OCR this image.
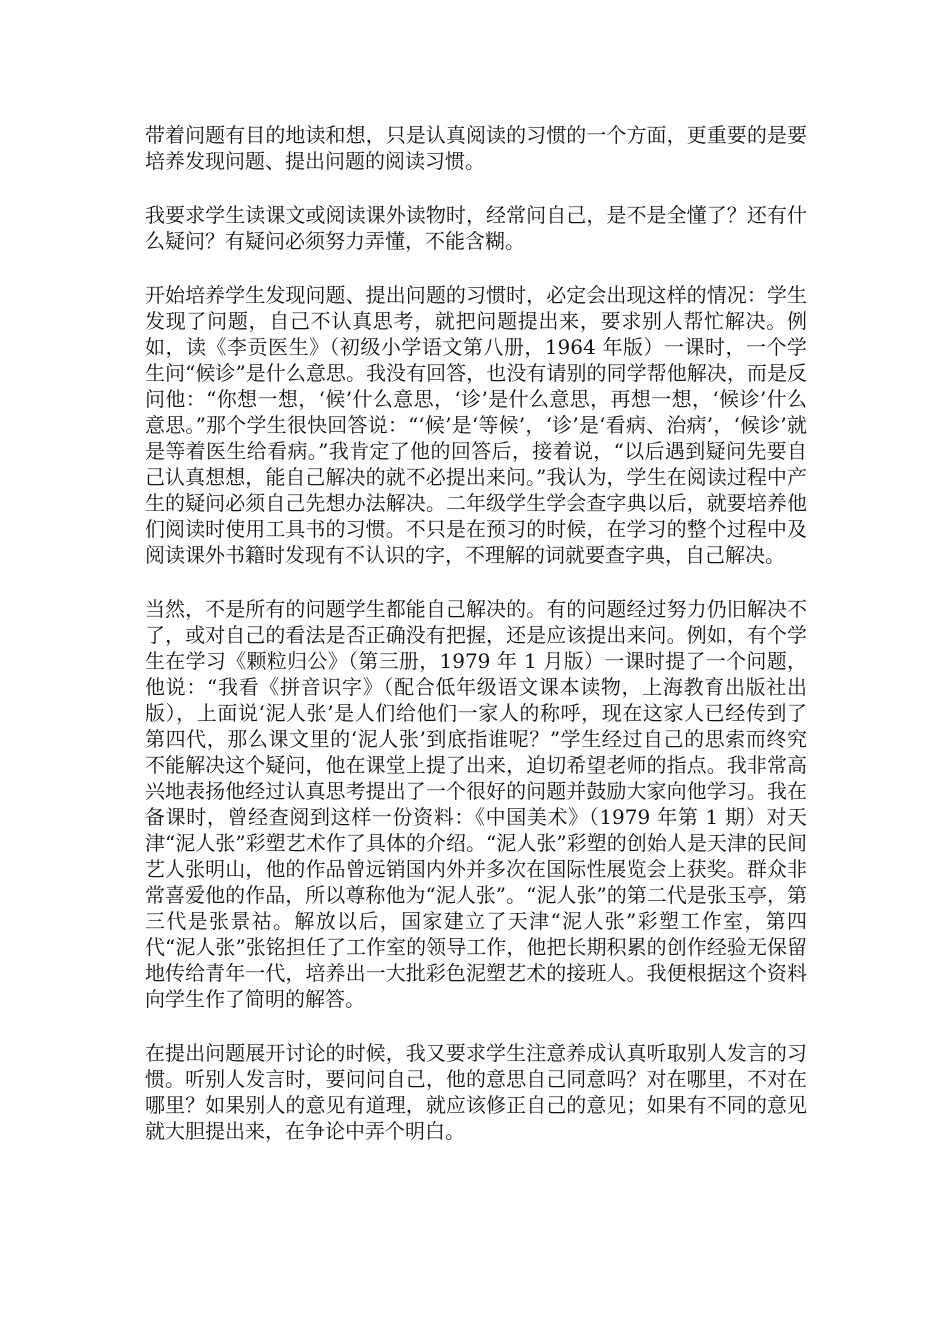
带着问题有目的地读和想，只是认真阅读的习惯的一个方面，更重要的是要培养发现问题、提出问题的阅读习惯。

我要求学生读课文或阅读课外读物时，经常问自己，是不是全懂了？还有什么疑问？有疑问必须努力弄懂，不能含糊。

开始培养学生发现问题、提出问题的习惯时，必定会出现这样的情况：学生发现了问题，自己不认真思考，就把问题提出来，要求别人帮忙解决。例如，读《李贡医生》（初级小学语文第八册，1964 年版）一课时，一个学生问“候诊”是什么意思。我没有回答，也没有请别的同学帮他解决，而是反问他：“你想一想，‘候’什么意思，‘诊’是什么意思，再想一想，‘候诊’什么意思。”那个学生很快回答说：“‘候’是‘等候’，‘诊’是‘看病、治病’，‘候诊’就是等着医生给看病。”我肯定了他的回答后，接着说，“以后遇到疑问先要自己认真想想，能自己解决的就不必提出来问。”我认为，学生在阅读过程中产生的疑问必须自己先想办法解决。二年级学生学会查字典以后，就要培养他们阅读时使用工具书的习惯。不只是在预习的时候，在学习的整个过程中及阅读课外书籍时发现有不认识的字，不理解的词就要查字典，自己解决。

当然，不是所有的问题学生都能自己解决的。有的问题经过努力仍旧解决不了，或对自己的看法是否正确没有把握，还是应该提出来问。例如，有个学生在学习《颗粒归公》（第三册，1979 年 1 月版）一课时提了一个问题，他说：“我看《拼音识字》（配合低年级语文课本读物，上海教育出版社出版），上面说‘泥人张’是人们给他们一家人的称呼，现在这家人已经传到了第四代，那么课文里的‘泥人张’到底指谁呢？”学生经过自己的思索而终究不能解决这个疑问，他在课堂上提了出来，迫切希望老师的指点。我非常高兴地表扬他经过认真思考提出了一个很好的问题并鼓励大家向他学习。我在备课时，曾经查阅到这样一份资料：《中国美术》（1979 年第 1 期）对天津“泥人张”彩塑艺术作了具体的介绍。“泥人张”彩塑的创始人是天津的民间艺人张明山，他的作品曾远销国内外并多次在国际性展览会上获奖。群众非常喜爱他的作品，所以尊称他为“泥人张”。“泥人张”的第二代是张玉亭，第三代是张景祜。解放以后，国家建立了天津“泥人张”彩塑工作室，第四代“泥人张”张铭担任了工作室的领导工作，他把长期积累的创作经验无保留地传给青年一代，培养出一大批彩色泥塑艺术的接班人。我便根据这个资料向学生作了简明的解答。

在提出问题展开讨论的时候，我又要求学生注意养成认真听取别人发言的习惯。听别人发言时，要问问自己，他的意思自己同意吗？对在哪里，不对在哪里？如果别人的意见有道理，就应该修正自己的意见；如果有不同的意见就大胆提出来，在争论中弄个明白。
